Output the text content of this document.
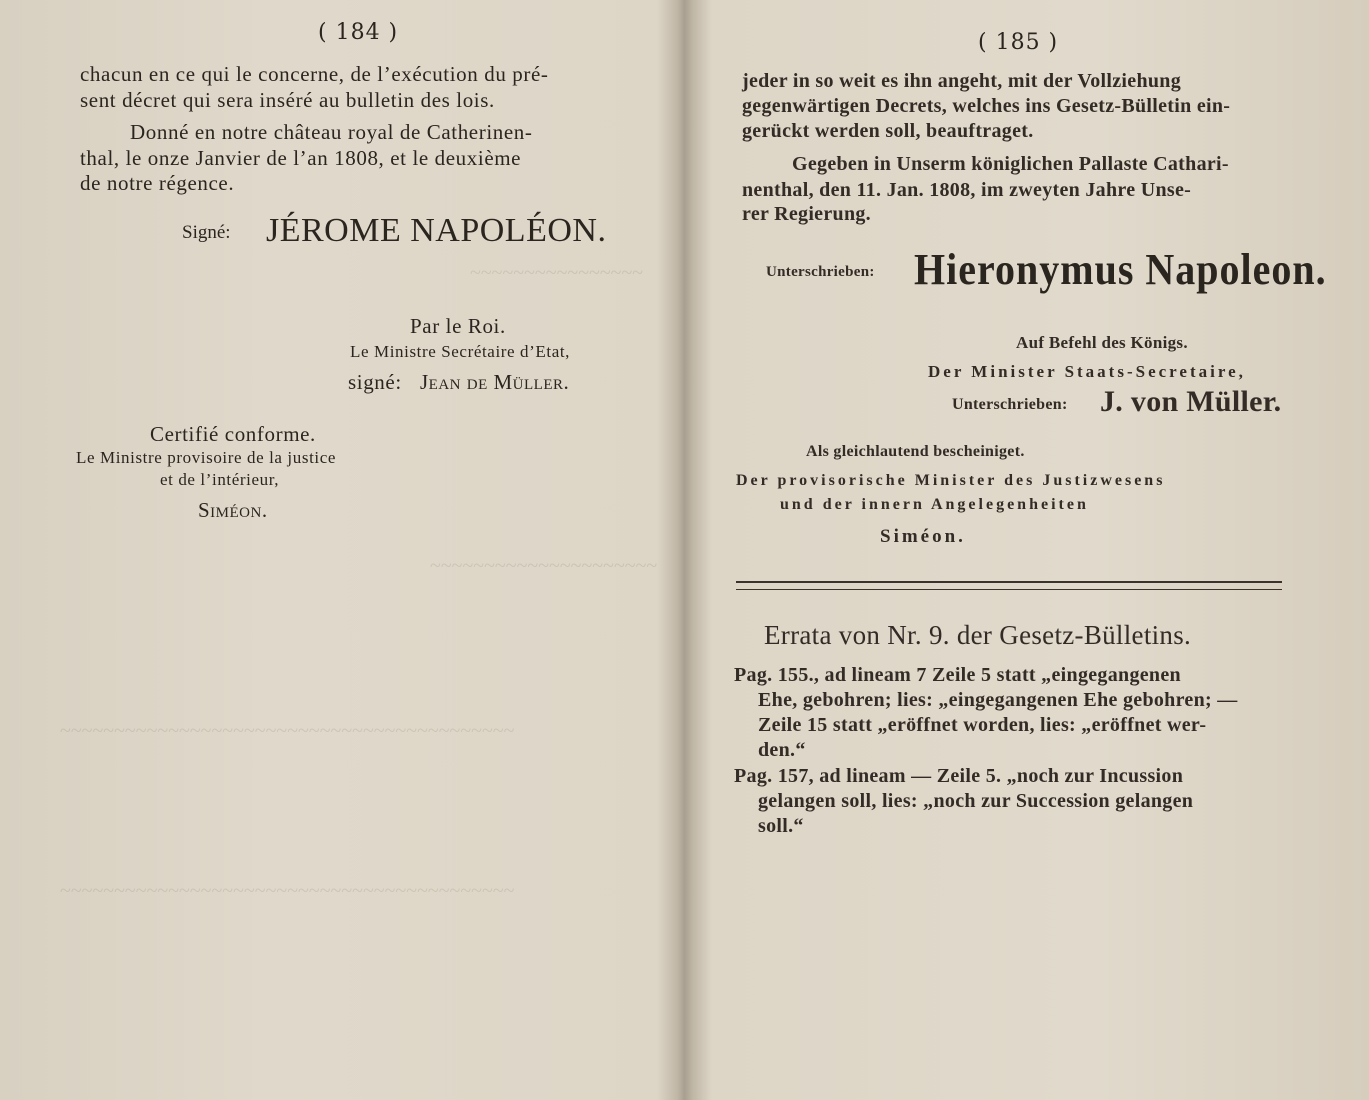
~~~~~~~~~~~~~~~~
~~~~~~~~~~~~~~~~~~~~~
~~~~~~~~~~~~~~~~~~~~~~~~~~~~~~~~~~~~~~~~~~
~~~~~~~~~~~~~~~~~~~~~~~~~~~~~~~~~~~~~~~~~~
( 184 )
chacun en ce qui le concerne, de l’exécution du pré-
sent décret qui sera inséré au bulletin des lois.
Donné en notre château royal de Catherinen-
thal, le onze Janvier de l’an 1808, et le deuxième
de notre régence.
Signé: JÉROME NAPOLÉON.
Par le Roi.
Le Ministre Secrétaire d’Etat,
signé: Jean de Müller.
Certifié conforme.
Le Ministre provisoire de la justice
et de l’intérieur,
Siméon.
( 185 )
jeder in so weit es ihn angeht, mit der Vollziehung
gegenwärtigen Decrets, welches ins Gesetz-Bülletin ein-
gerückt werden soll, beauftraget.
Gegeben in Unserm königlichen Pallaste Cathari-
nenthal, den 11. Jan. 1808, im zweyten Jahre Unse-
rer Regierung.
Unterschrieben: Hieronymus Napoleon.
Auf Befehl des Königs.
Der Minister Staats-Secretaire,
Unterschrieben: J. von Müller.
Als gleichlautend bescheiniget.
Der provisorische Minister des Justizwesens
und der innern Angelegenheiten
Siméon.
Errata von Nr. 9. der Gesetz-Bülletins.
Pag. 155., ad lineam 7 Zeile 5 statt „eingegangenen
Ehe, gebohren; lies: „eingegangenen Ehe gebohren; —
Zeile 15 statt „eröffnet worden, lies: „eröffnet wer-
den.“
Pag. 157, ad lineam — Zeile 5. „noch zur Incussion
gelangen soll, lies: „noch zur Succession gelangen
soll.“
